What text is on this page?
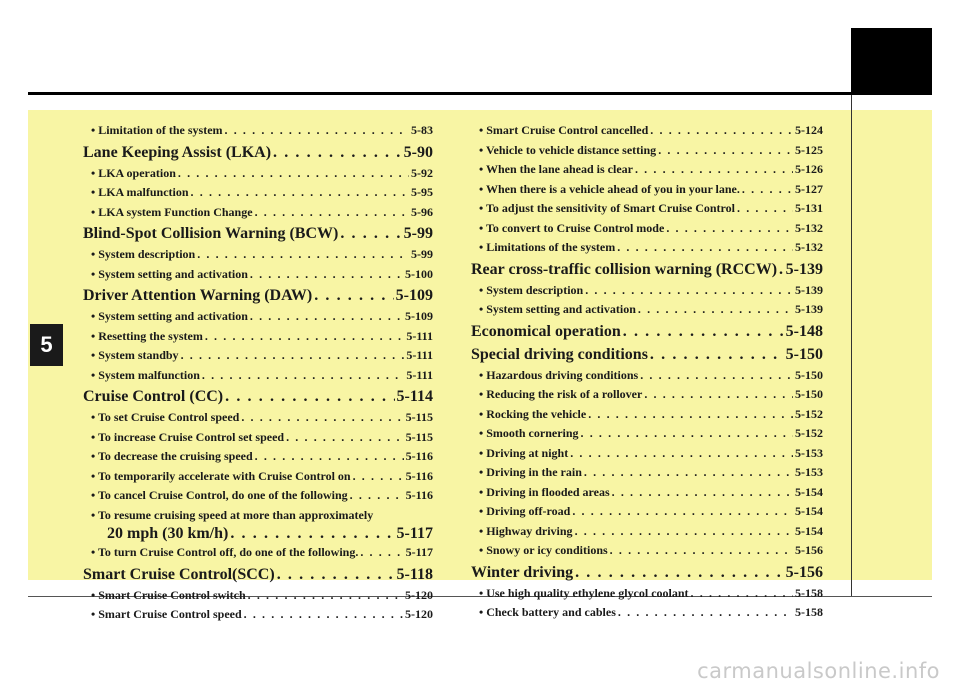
5
• Limitation of the system . . .	5-83
Lane Keeping Assist (LKA) . . .	5-90
• LKA operation . . .	5-92
• LKA malfunction . . .	5-95
• LKA system Function Change . . .	5-96
Blind-Spot Collision Warning (BCW) . . .	5-99
• System description . . .	5-99
• System setting and activation . . .	5-100
Driver Attention Warning (DAW) . . .	5-109
• System setting and activation . . .	5-109
• Resetting the system . . .	5-111
• System standby . . .	5-111
• System malfunction . . .	5-111
Cruise Control (CC) . . .	5-114
• To set Cruise Control speed . . .	5-115
• To increase Cruise Control set speed . . .	5-115
• To decrease the cruising speed . . .	5-116
• To temporarily accelerate with Cruise Control on . . .	5-116
• To cancel Cruise Control, do one of the following . . .	5-116
• To resume cruising speed at more than approximately
20 mph (30 km/h) . . .	5-117
• To turn Cruise Control off, do one of the following. . . .	5-117
Smart Cruise Control(SCC) . . .	5-118
• Smart Cruise Control switch . . .	5-120
• Smart Cruise Control speed . . .	5-120
• Smart Cruise Control cancelled . . .	5-124
• Vehicle to vehicle distance setting . . .	5-125
• When the lane ahead is clear . . .	5-126
• When there is a vehicle ahead of you in your lane. . . .	5-127
• To adjust the sensitivity of Smart Cruise Control . . .	5-131
• To convert to Cruise Control mode . . .	5-132
• Limitations of the system . . .	5-132
Rear cross-traffic collision warning (RCCW) . . . 5-139
• System description . . .	5-139
• System setting and activation . . .	5-139
Economical operation . . .	5-148
Special driving conditions . . .	5-150
• Hazardous driving conditions . . .	5-150
• Reducing the risk of a rollover . . .	5-150
• Rocking the vehicle . . .	5-152
• Smooth cornering . . .	5-152
• Driving at night . . .	5-153
• Driving in the rain . . .	5-153
• Driving in flooded areas . . .	5-154
• Driving off-road . . .	5-154
• Highway driving . . .	5-154
• Snowy or icy conditions . . .	5-156
Winter driving . . .	5-156
• Use high quality ethylene glycol coolant . . .	5-158
• Check battery and cables . . .	5-158
carmanualsonline.info
